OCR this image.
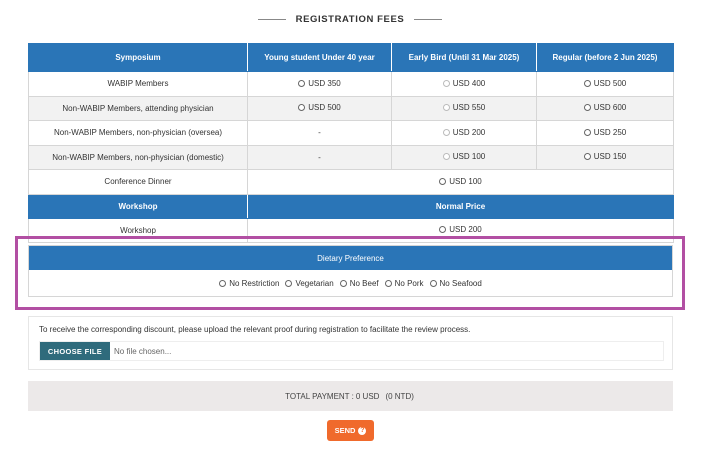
REGISTRATION FEES
Symposium	Young student Under 40 year	Early Bird (Until 31 Mar 2025)	Regular (before 2 Jun 2025)
WABIP Members	USD 350	USD 400	USD 500

Non-WABIP Members, attending physician	USD 500	USD 550	USD 600

Non-WABIP Members, non-physician (oversea)	-	USD 200	USD 250

Non-WABIP Members, non-physician (domestic)	-	USD 100	USD 150

Conference Dinner	USD 100		

Workshop	Normal Price		
Workshop	USD 200		
Dietary Preference
No Restriction Vegetarian No Beef No Pork No Seafood
To receive the corresponding discount, please upload the relevant proof during registration to facilitate the review process.
CHOOSE FILE	No file chosen...
TOTAL PAYMENT : 0 USD (0 NTD)
SEND ?
